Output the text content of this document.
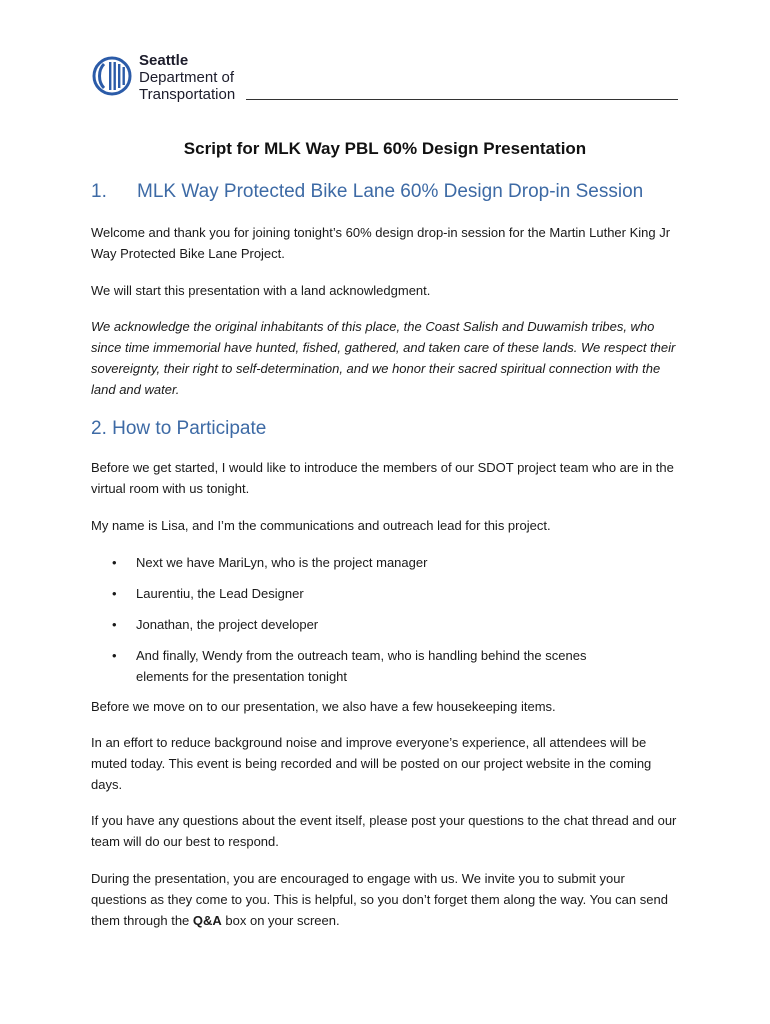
Seattle
Department of
Transportation
Script for MLK Way PBL 60% Design Presentation
1. MLK Way Protected Bike Lane 60% Design Drop-in Session
Welcome and thank you for joining tonight’s 60% design drop-in session for the Martin Luther King Jr Way Protected Bike Lane Project.
We will start this presentation with a land acknowledgment.
We acknowledge the original inhabitants of this place, the Coast Salish and Duwamish tribes, who since time immemorial have hunted, fished, gathered, and taken care of these lands. We respect their sovereignty, their right to self-determination, and we honor their sacred spiritual connection with the land and water.
2. How to Participate
Before we get started, I would like to introduce the members of our SDOT project team who are in the virtual room with us tonight.
My name is Lisa, and I’m the communications and outreach lead for this project.
• Next we have MariLyn, who is the project manager
• Laurentiu, the Lead Designer
• Jonathan, the project developer
• And finally, Wendy from the outreach team, who is handling behind the scenes elements for the presentation tonight
Before we move on to our presentation, we also have a few housekeeping items.
In an effort to reduce background noise and improve everyone’s experience, all attendees will be muted today. This event is being recorded and will be posted on our project website in the coming days.
If you have any questions about the event itself, please post your questions to the chat thread and our team will do our best to respond.
During the presentation, you are encouraged to engage with us. We invite you to submit your questions as they come to you. This is helpful, so you don’t forget them along the way. You can send them through the Q&A box on your screen.
